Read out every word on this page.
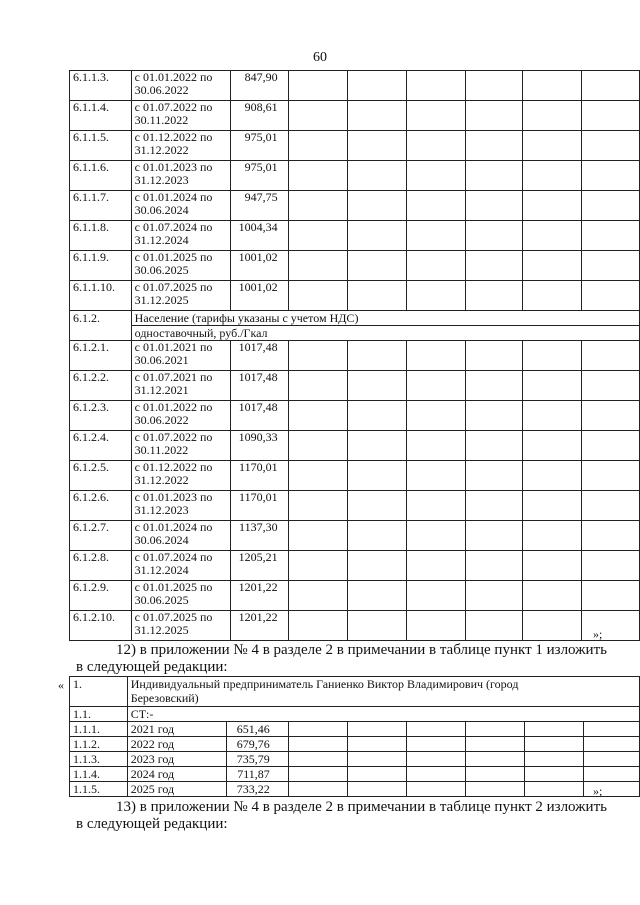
60
6.1.1.3.	с 01.01.2022 по
30.06.2022	847,90						
6.1.1.4.	с 01.07.2022 по
30.11.2022	908,61						
6.1.1.5.	с 01.12.2022 по
31.12.2022	975,01						
6.1.1.6.	с 01.01.2023 по
31.12.2023	975,01						
6.1.1.7.	с 01.01.2024 по
30.06.2024	947,75						
6.1.1.8.	с 01.07.2024 по
31.12.2024	1004,34						
6.1.1.9.	с 01.01.2025 по
30.06.2025	1001,02						
6.1.1.10.	с 01.07.2025 по
31.12.2025	1001,02						
6.1.2.	Население (тарифы указаны с учетом НДС)							
	одноставочный, руб./Гкал							
6.1.2.1.	с 01.01.2021 по
30.06.2021	1017,48						
6.1.2.2.	с 01.07.2021 по
31.12.2021	1017,48						
6.1.2.3.	с 01.01.2022 по
30.06.2022	1017,48						
6.1.2.4.	с 01.07.2022 по
30.11.2022	1090,33						
6.1.2.5.	с 01.12.2022 по
31.12.2022	1170,01						
6.1.2.6.	с 01.01.2023 по
31.12.2023	1170,01						
6.1.2.7.	с 01.01.2024 по
30.06.2024	1137,30						
6.1.2.8.	с 01.07.2024 по
31.12.2024	1205,21						
6.1.2.9.	с 01.01.2025 по
30.06.2025	1201,22						
6.1.2.10.	с 01.07.2025 по
31.12.2025	1201,22						
»;
12) в приложении № 4 в разделе 2 в примечании в таблице пункт 1 изложить
в следующей редакции:
« 1.	Индивидуальный предприниматель Ганиенко Виктор Владимирович (город
Березовский)							

1.1.	СТ:-							
1.1.1.	2021 год	651,46						
1.1.2.	2022 год	679,76						
1.1.3.	2023 год	735,79						
1.1.4.	2024 год	711,87						
1.1.5.	2025 год	733,22							»;
13) в приложении № 4 в разделе 2 в примечании в таблице пункт 2 изложить
в следующей редакции:
